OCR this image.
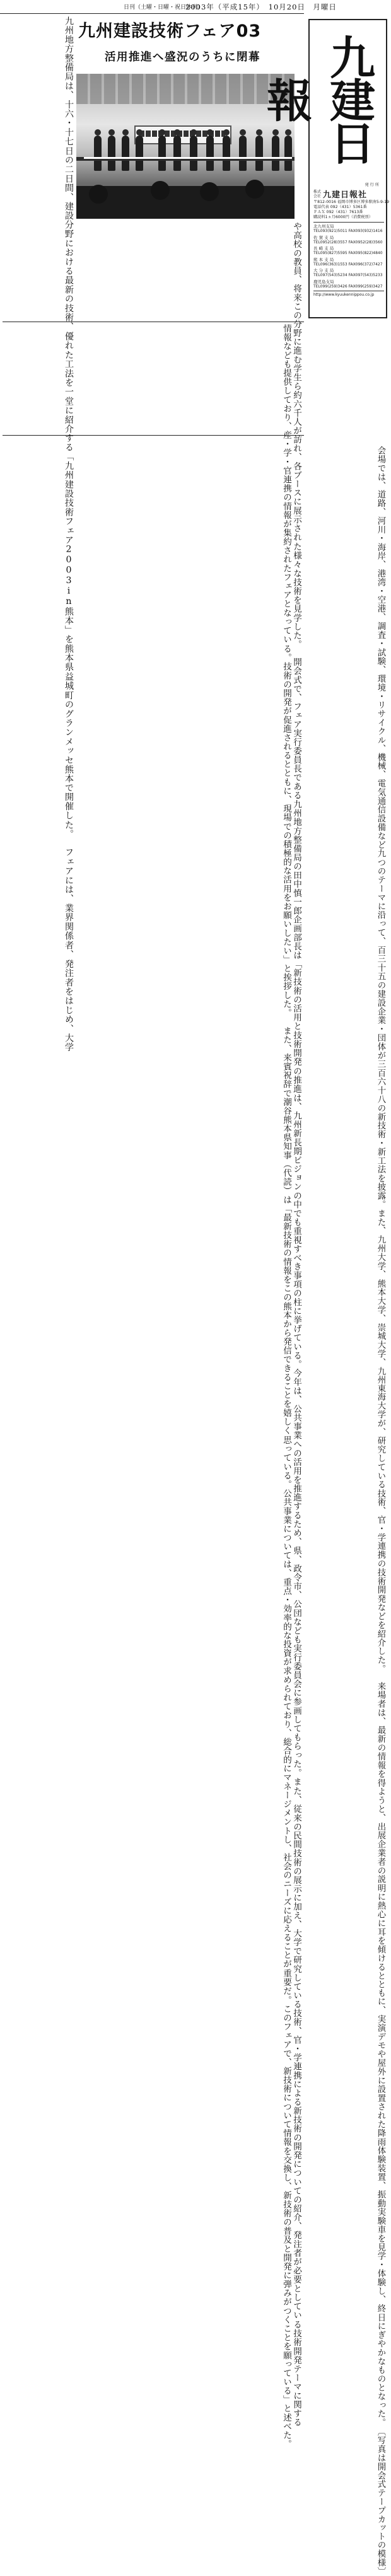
日刊（土曜・日曜・祝日休刊）
2003年（平成15年）　10月20日　月曜日
九州建設技術フェア03
活用推進へ盛況のうちに閉幕
九州地方整備局は、十六・十七日の二日間、建設分野における最新の技術、優れた工法を一堂に紹介する「九州建設技術フェア2003in熊本」を熊本県益城町のグランメッセ熊本で開催した。　フェアには、業界関係者、発注者をはじめ、大学
や高校の教員、将来この分野に進む学生ら約六千人が訪れ、各ブースに展示された様々な技術を見学した。　開会式で、フェア実行委員長である九州地方整備局の田中慎一郎企画部長は「新技術の活用と技術開発の推進は、九州新長期ビジョンの中でも重視すべき事項の柱に挙げている。今年は、公共事業への活用を推進するため、県、政令市、公団なども実行委員会に参画してもらった。また、従来の民間技術の展示に加え、大学で研究している技術、官・学連携による新技術の開発についての紹介、発注者が必要としている技術開発テーマに関する
情報なども提供しており、産・学・官連携の情報が集約されたフェアとなっている。技術の開発が促進されるとともに、現場での積極的な活用をお願いしたい」と挨拶した。　また、来賓祝辞で潮谷熊本県知事（代読）は「最新技術の情報をこの熊本から発信できることを嬉しく思っている。公共事業については、重点・効率的な投資が求められており、総合的にマネージメントし、社会のニーズに応えることが重要だ。このフェアで、新技術について情報を交換し、新技術の普及と開発に弾みがつくことを願っている」と述べた。
　会場では、道路、河川・海岸、港湾・空港、調査・試験、環境・リサイクル、機械、電気通信設備など九つのテーマに沿って、百三十五の建設企業・団体が三百六十八の新技術・新工法を披露。また、九州大学、熊本大学、崇城大学、九州東海大学が、研究している技術、官・学連携の技術開発などを紹介した。　来場者は、最新の情報を得ようと、出展企業者の説明に熱心に耳を傾けるとともに、実演デモや屋外に設置された降雨体験装置、振動実験車を見学・体験し、終日にぎやかなものとなった。〔写真は開会式テープカットの模様〕
九建日報
発 行 所
株式会社 九建日報社
〒812-0016 福岡市博多区博多駅南5-9-19
電話代表 092（431）5361番
ＦＡＸ 092（431）7613番
購読料1ヵ月6000円（消費税別）
北九州支局
TEL093(921)5011 FAX093(932)1416
佐 賀 支 局
TEL0952(28)3557 FAX0952(28)3560
長 崎 支 局
TEL095(827)5595 FAX095(822)4840
熊 本 支 局
TEL096(363)1553 FAX096(372)7427
大 分 支 局
TEL097(543)5234 FAX097(543)5233
鹿児島支局
TEL099(259)3426 FAX099(259)3427
http://www.kyuukennippou.co.jp
